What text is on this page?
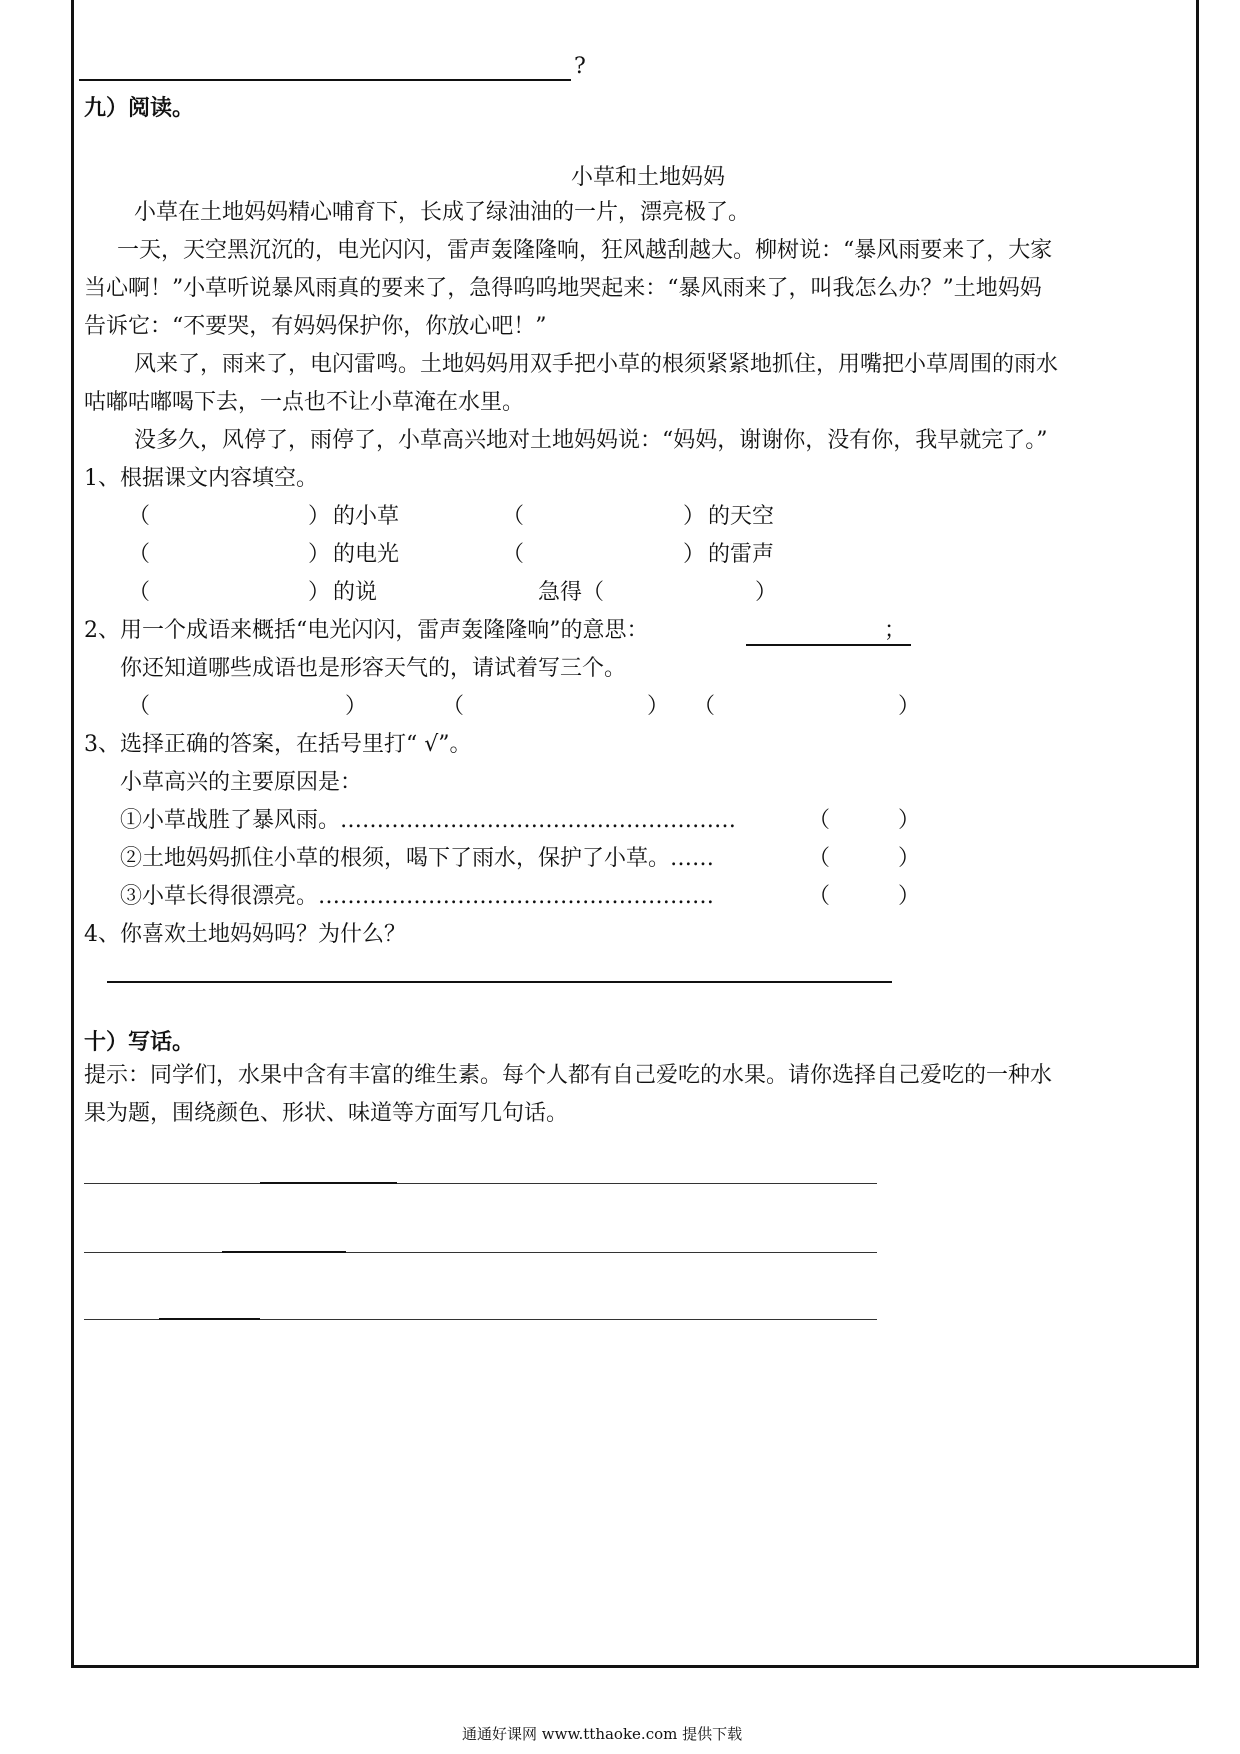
?
九）阅读。
小草和土地妈妈
小草在土地妈妈精心哺育下，长成了绿油油的一片，漂亮极了。
一天，天空黑沉沉的，电光闪闪，雷声轰隆隆响，狂风越刮越大。柳树说：“暴风雨要来了，大家
当心啊！”小草听说暴风雨真的要来了，急得呜呜地哭起来：“暴风雨来了，叫我怎么办？”土地妈妈
告诉它：“不要哭，有妈妈保护你，你放心吧！”
风来了，雨来了，电闪雷鸣。土地妈妈用双手把小草的根须紧紧地抓住，用嘴把小草周围的雨水
咕嘟咕嘟喝下去，一点也不让小草淹在水里。
没多久，风停了，雨停了，小草高兴地对土地妈妈说：“妈妈，谢谢你，没有你，我早就完了。”
1、根据课文内容填空。
（	） 的小草	（	） 的天空
（	） 的电光	（	） 的雷声
（	） 的说	急得（	）
2、用一个成语来概括“电光闪闪，雷声轰隆隆响”的意思：	；
你还知道哪些成语也是形容天气的，请试着写三个。
（	）	（	） （	）
3、选择正确的答案，在括号里打“ √”。
小草高兴的主要原因是：
①小草战胜了暴风雨。………………………………………………	（	）
②土地妈妈抓住小草的根须，喝下了雨水，保护了小草。……	（	）
③小草长得很漂亮。………………………………………………	（	）
4、你喜欢土地妈妈吗？为什么？
十）写话。
提示：同学们，水果中含有丰富的维生素。每个人都有自己爱吃的水果。请你选择自己爱吃的一种水
果为题，围绕颜色、形状、味道等方面写几句话。
通通好课网 www.tthaoke.com 提供下载
